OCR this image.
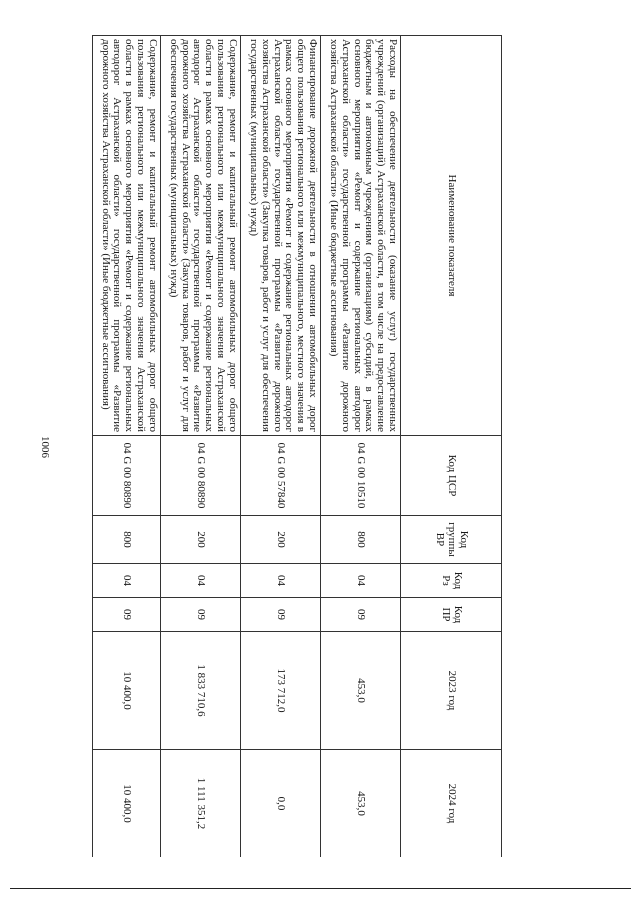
1006
Наименование показателя	Код ЦСР	Код группы ВР	Код Рз	Код ПР	2023 год	2024 год
Расходы на обеспечение деятельности (оказание услуг) государственных учреждений (организаций) Астраханской области, в том числе на предоставление бюджетным и автономным учреждениям (организациям) субсидий, в рамках основного мероприятия «Ремонт и содержание региональных автодорог Астраханской области» государственной программы «Развитие дорожного хозяйства Астраханской области» (Иные бюджетные ассигнования)	04 G 00 10510	800	04	09	453,0	453,0
Финансирование дорожной деятельности в отношении автомобильных дорог общего пользования регионального или межмуниципального, местного значения в рамках основного мероприятия «Ремонт и содержание региональных автодорог Астраханской области» государственной программы «Развитие дорожного хозяйства Астраханской области» (Закупка товаров, работ и услуг для обеспечения государственных (муниципальных) нужд)	04 G 00 57840	200	04	09	173 712,0	0,0
Содержание, ремонт и капитальный ремонт автомобильных дорог общего пользования регионального или межмуниципального значения Астраханской области в рамках основного мероприятия «Ремонт и содержание региональных автодорог Астраханской области» государственной программы «Развитие дорожного хозяйства Астраханской области» (Закупка товаров, работ и услуг для обеспечения государственных (муниципальных) нужд)	04 G 00 80890	200	04	09	1 833 710,6	1 111 351,2
Содержание, ремонт и капитальный ремонт автомобильных дорог общего пользования регионального или межмуниципального значения Астраханской области в рамках основного мероприятия «Ремонт и содержание региональных автодорог Астраханской области» государственной программы «Развитие дорожного хозяйства Астраханской области» (Иные бюджетные ассигнования)	04 G 00 80890	800	04	09	10 400,0	10 400,0
